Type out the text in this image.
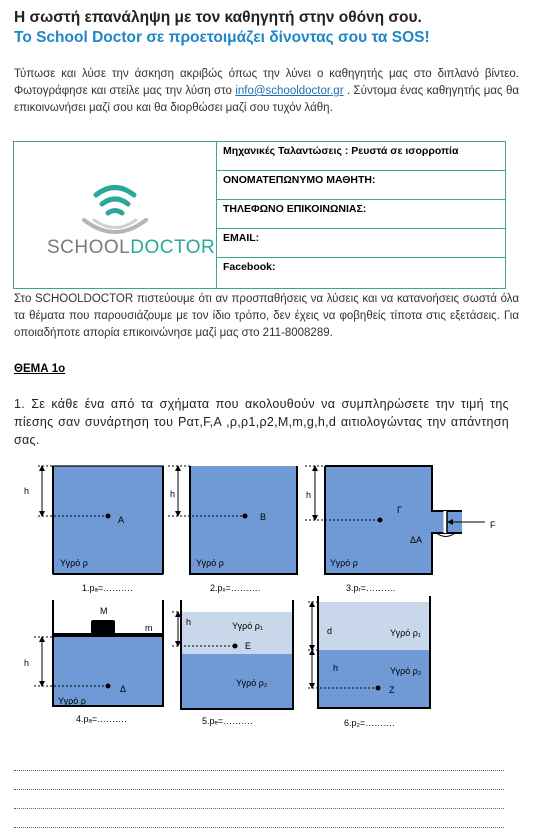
Η σωστή επανάληψη με τον καθηγητή στην οθόνη σου.
Το School Doctor σε προετοιμάζει δίνοντας σου τα SOS!
Τύπωσε και λύσε την άσκηση ακριβώς όπως την λύνει ο καθηγητής μας στο διπλανό βίντεο. Φωτογράφησε και στείλε μας την λύση στο info@schooldoctor.gr . Σύντομα ένας καθηγητής μας θα επικοινωνήσει μαζί σου και θα διορθώσει μαζί σου τυχόν λάθη.
SCHOOLDOCTOR
Μηχανικές Ταλαντώσεις : Ρευστά σε ισορροπία
ΟΝΟΜΑΤΕΠΩΝΥΜΟ ΜΑΘΗΤΗ:
ΤΗΛΕΦΩΝΟ ΕΠΙΚΟΙΝΩΝΙΑΣ:
EMAIL:
Facebook:
Στο SCHOOLDOCTOR πιστεύουμε ότι αν προσπαθήσεις να λύσεις και να κατανοήσεις σωστά όλα τα θέματα που παρουσιάζουμε με τον ίδιο τρόπο, δεν έχεις να φοβηθείς τίποτα στις εξετάσεις. Για οποιαδήποτε απορία επικοινώνησε μαζί μας στο 211-8008289.
ΘΕΜΑ 1ο
1. Σε κάθε ένα από τα σχήματα που ακολουθούν να συμπληρώσετε την τιμή της πίεσης σαν συνάρτηση του Pατ,F,A ,ρ,ρ1,ρ2,M,m,g,h,d αιτιολογώντας την απάντηση σας.
h
A
Υγρό ρ
1.pₐ=……….
h
B
Υγρό ρ
2.pₓ=……….
F
ΔΑ
h
Γ
Υγρό ρ
3.pᵣ=……….
M
m
h
Δ
Υγρό ρ
4.pₐ=……….
h	Υγρό ρ₁
E
Υγρό ρ₂
5.pₑ=……….
d	Υγρό ρ₁
h	Υγρό ρ₂
Z
6.p₂=……….
